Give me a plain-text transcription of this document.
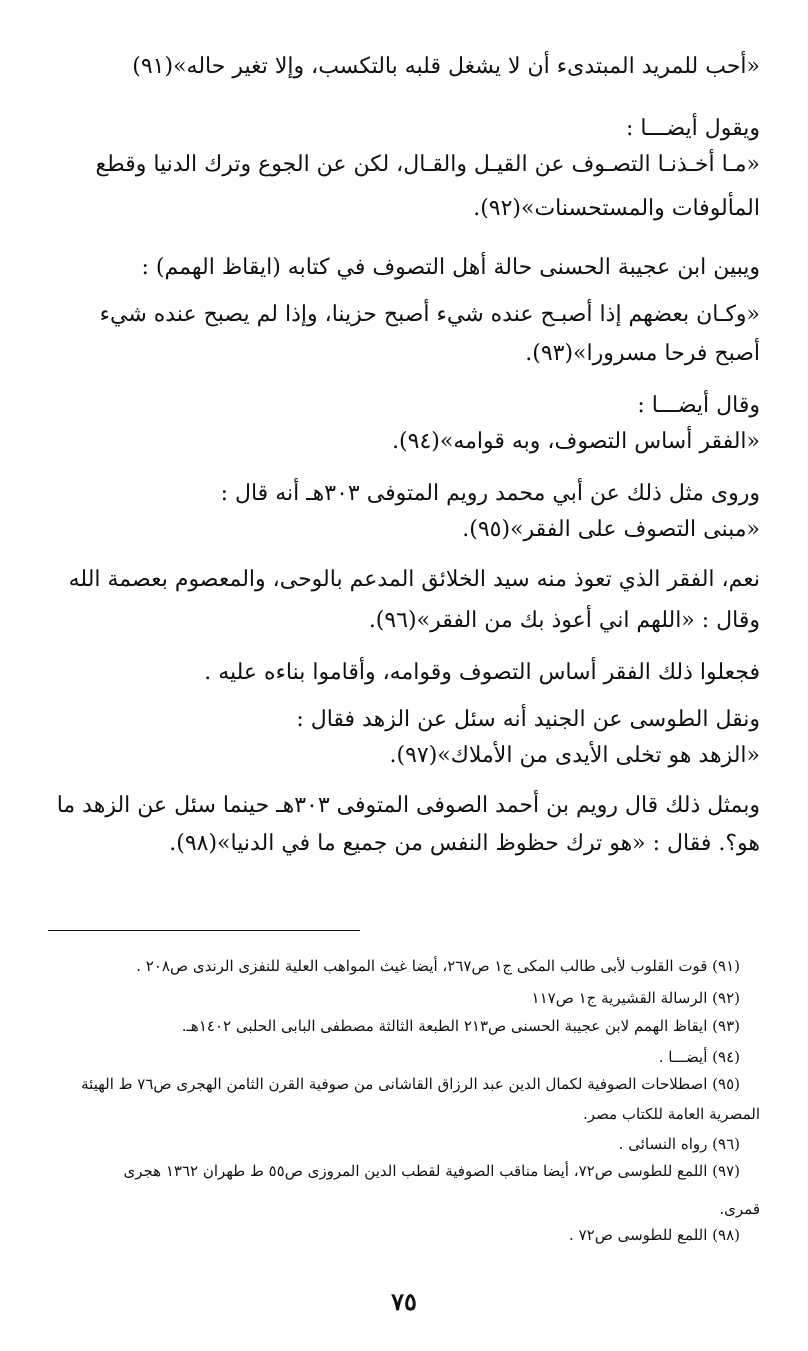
«أحب للمريد المبتدىء أن لا يشغل قلبه بالتكسب، وإلا تغير حاله»(٩١)
ويقول أيضـــا :
«مـا أخـذنـا التصـوف عن القيـل والقـال، لكن عن الجوع وترك الدنيا وقطع
المألوفات والمستحسنات»(٩٢).
ويبين ابن عجيبة الحسنى حالة أهل التصوف في كتابه (ايقاظ الهمم) :
«وكـان بعضهم إذا أصبـح عنده شيء أصبح حزينا، وإذا لم يصبح عنده شيء
أصبح فرحا مسرورا»(٩٣).
وقال أيضـــا :
«الفقر أساس التصوف، وبه قوامه»(٩٤).
وروى مثل ذلك عن أبي محمد رويم المتوفى ٣٠٣هـ أنه قال :
«مبنى التصوف على الفقر»(٩٥).
نعم، الفقر الذي تعوذ منه سيد الخلائق المدعم بالوحى، والمعصوم بعصمة الله
وقال : «اللهم اني أعوذ بك من الفقر»(٩٦).
فجعلوا ذلك الفقر أساس التصوف وقوامه، وأقاموا بناءه عليه .
ونقل الطوسى عن الجنيد أنه سئل عن الزهد فقال :
«الزهد هو تخلى الأيدى من الأملاك»(٩٧).
وبمثل ذلك قال رويم بن أحمد الصوفى المتوفى ٣٠٣هـ حينما سئل عن الزهد ما
هو؟. فقال : «هو ترك حظوظ النفس من جميع ما في الدنيا»(٩٨).
(٩١) قوت القلوب لأبى طالب المكى ج١ ص٢٦٧، أيضا غيث المواهب العلية للنفزى الرندى ص٢٠٨ .
(٩٢) الرسالة القشيرية ج١ ص١١٧
(٩٣) ايقاظ الهمم لابن عجيبة الحسنى ص٢١٣ الطبعة الثالثة مصطفى البابى الحلبى ١٤٠٢هـ.
(٩٤) أيضـــا .
(٩٥) اصطلاحات الصوفية لكمال الدين عبد الرزاق القاشانى من صوفية القرن الثامن الهجرى ص٧٦ ط الهيئة
المصرية العامة للكتاب مصر.
(٩٦) رواه النسائى .
(٩٧) اللمع للطوسى ص٧٢، أيضا مناقب الصوفية لقطب الدين المروزى ص٥٥ ط طهران ١٣٦٢ هجرى
قمرى.
(٩٨) اللمع للطوسى ص٧٢ .
٧٥
